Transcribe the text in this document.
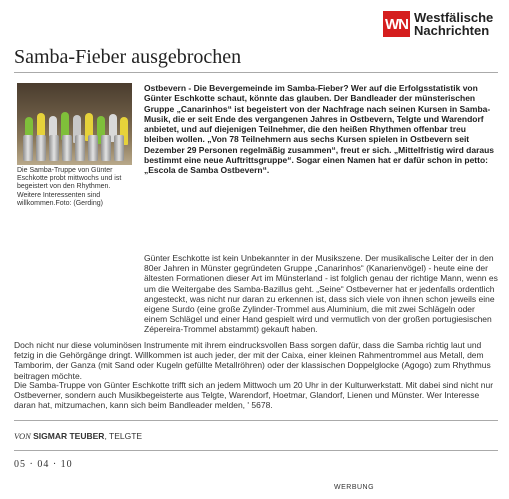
WN Westfälische
Nachrichten
Samba-Fieber ausgebrochen

Die Samba-Truppe von Günter Eschkotte probt mittwochs und ist begeistert von den Rhythmen. Weitere Interessenten sind willkommen.Foto: (Gerding)

Ostbevern - Die Bevergemeinde im Samba-Fieber? Wer auf die Erfolgsstatistik von Günter Eschkotte schaut, könnte das glauben. Der Bandleader der münsterischen Gruppe „Canarinhos“ ist begeistert von der Nachfrage nach seinen Kursen in Samba-Musik, die er seit Ende des vergangenen Jahres in Ostbevern, Telgte und Warendorf anbietet, und auf diejenigen Teilnehmer, die den heißen Rhythmen offenbar treu bleiben wollen. „Von 78 Teilnehmern aus sechs Kursen spielen in Ostbevern seit Dezember 29 Personen regelmäßig zusammen“, freut er sich. „Mittelfristig wird daraus bestimmt eine neue Auftrittsgruppe“. Sogar einen Namen hat er dafür schon in petto: „Escola de Samba Ostbevern“.

Günter Eschkotte ist kein Unbekannter in der Musikszene. Der musikalische Leiter der in den 80er Jahren in Münster gegründeten Gruppe „Canarinhos“ (Kanarienvögel) - heute eine der ältesten Formationen dieser Art im Münsterland - ist folglich genau der richtige Mann, wenn es um die Weitergabe des Samba-Bazillus geht. „Seine“ Ostbeverner hat er jedenfalls ordentlich angesteckt, was nicht nur daran zu erkennen ist, dass sich viele von ihnen schon jeweils eine eigene Surdo (eine große Zylinder-Trommel aus Aluminium, die mit zwei Schlägeln oder einem Schlägel und einer Hand gespielt wird und vermutlich von der großen portugiesischen Zépereira-Trommel abstammt) gekauft haben.

Doch nicht nur diese voluminösen Instrumente mit ihrem eindrucksvollen Bass sorgen dafür, dass die Samba richtig laut und fetzig in die Gehörgänge dringt. Willkommen ist auch jeder, der mit der Caixa, einer kleinen Rahmentrommel aus Metall, dem Tamborim, der Ganza (mit Sand oder Kugeln gefüllte Metallröhren) oder der klassischen Doppelglocke (Agogo) zum Rhythmus beitragen möchte.

Die Samba-Truppe von Günter Eschkotte trifft sich an jedem Mittwoch um 20 Uhr in der Kulturwerkstatt. Mit dabei sind nicht nur Ostbeverner, sondern auch Musikbegeisterte aus Telgte, Warendorf, Hoetmar, Glandorf, Lienen und Münster. Wer Interesse daran hat, mitzumachen, kann sich beim Bandleader melden, ' 5678.

VON SIGMAR TEUBER, TELGTE

05 · 04 · 10

WERBUNG
